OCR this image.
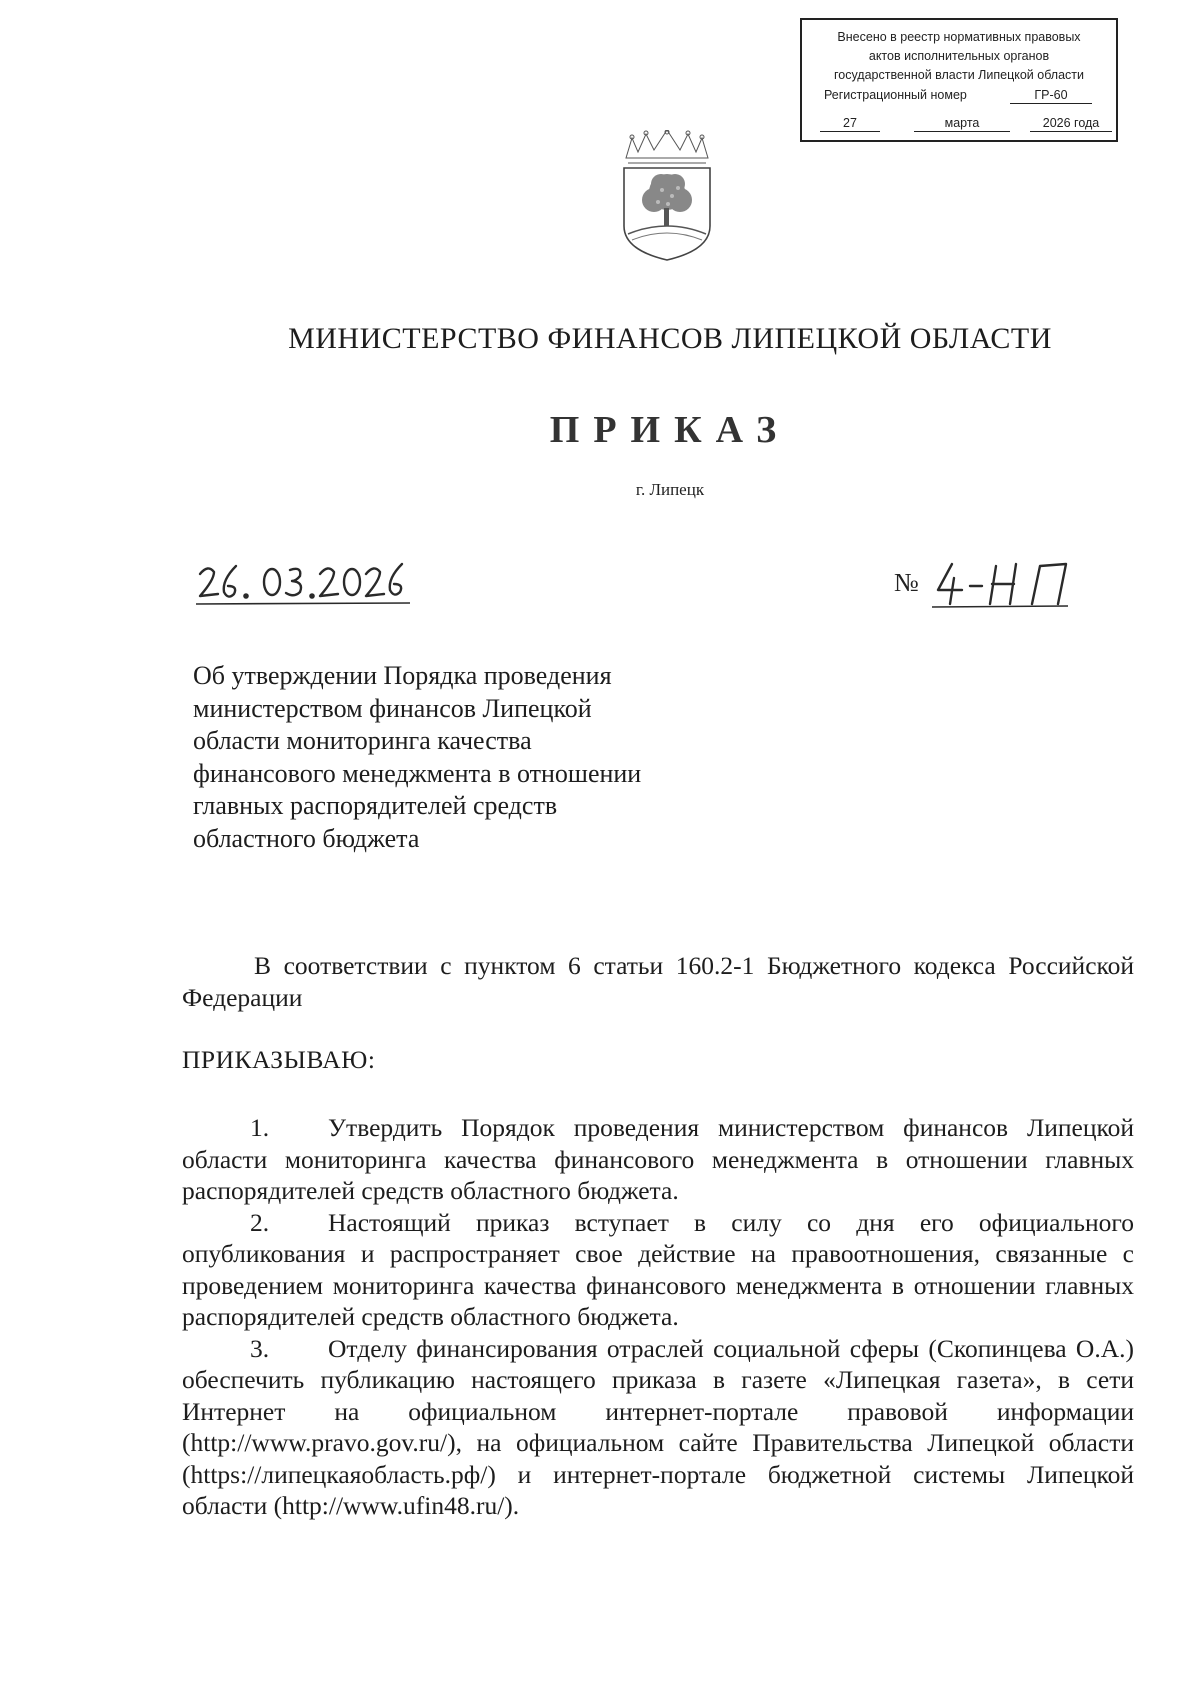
Внесено в реестр нормативных правовых
актов исполнительных органов
государственной власти Липецкой области
Регистрационный номер	ГР-60
27	марта	2026 года
МИНИСТЕРСТВО ФИНАНСОВ ЛИПЕЦКОЙ ОБЛАСТИ
ПРИКАЗ
г. Липецк
№
Об утверждении Порядка проведения
министерством финансов Липецкой
области мониторинга качества
финансового менеджмента в отношении
главных распорядителей средств
областного бюджета
В соответствии с пунктом 6 статьи 160.2-1 Бюджетного кодекса Российской Федерации
ПРИКАЗЫВАЮ:
1. Утвердить Порядок проведения министерством финансов Липецкой области мониторинга качества финансового менеджмента в отношении главных распорядителей средств областного бюджета.
2. Настоящий приказ вступает в силу со дня его официального опубликования и распространяет свое действие на правоотношения, связанные с проведением мониторинга качества финансового менеджмента в отношении главных распорядителей средств областного бюджета.
3. Отделу финансирования отраслей социальной сферы (Скопинцева О.А.) обеспечить публикацию настоящего приказа в газете «Липецкая газета», в сети Интернет на официальном интернет-портале правовой информации (http://www.pravo.gov.ru/), на официальном сайте Правительства Липецкой области (https://липецкаяобласть.рф/) и интернет-портале бюджетной системы Липецкой области (http://www.ufin48.ru/).
